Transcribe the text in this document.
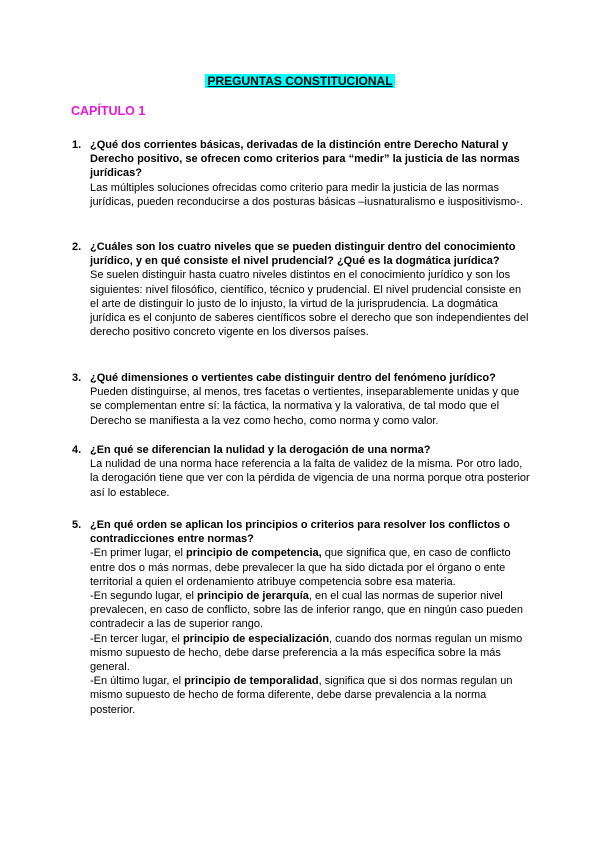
PREGUNTAS CONSTITUCIONAL
CAPÍTULO 1
1. ¿Qué dos corrientes básicas, derivadas de la distinción entre Derecho Natural y Derecho positivo, se ofrecen como criterios para “medir” la justicia de las normas jurídicas?

Las múltiples soluciones ofrecidas como criterio para medir la justicia de las normas jurídicas, pueden reconducirse a dos posturas básicas –iusnaturalismo e iuspositivismo-.

2. ¿Cuáles son los cuatro niveles que se pueden distinguir dentro del conocimiento jurídico, y en qué consiste el nivel prudencial? ¿Qué es la dogmática jurídica?

Se suelen distinguir hasta cuatro niveles distintos en el conocimiento jurídico y son los siguientes: nivel filosófico, científico, técnico y prudencial. El nivel prudencial consiste en el arte de distinguir lo justo de lo injusto, la virtud de la jurisprudencia. La dogmática jurídica es el conjunto de saberes científicos sobre el derecho que son independientes del derecho positivo concreto vigente en los diversos países.

3. ¿Qué dimensiones o vertientes cabe distinguir dentro del fenómeno jurídico?

Pueden distinguirse, al menos, tres facetas o vertientes, inseparablemente unidas y que se complementan entre sí: la fáctica, la normativa y la valorativa, de tal modo que el Derecho se manifiesta a la vez como hecho, como norma y como valor.

4. ¿En qué se diferencian la nulidad y la derogación de una norma?

La nulidad de una norma hace referencia a la falta de validez de la misma. Por otro lado, la derogación tiene que ver con la pérdida de vigencia de una norma porque otra posterior así lo establece.

5. ¿En qué orden se aplican los principios o criterios para resolver los conflictos o contradicciones entre normas?

-En primer lugar, el principio de competencia, que significa que, en caso de conflicto entre dos o más normas, debe prevalecer la que ha sido dictada por el órgano o ente territorial a quien el ordenamiento atribuye competencia sobre esa materia.

-En segundo lugar, el principio de jerarquía, en el cual las normas de superior nivel prevalecen, en caso de conflicto, sobre las de inferior rango, que en ningún caso pueden contradecir a las de superior rango.

-En tercer lugar, el principio de especialización, cuando dos normas regulan un mismo mismo supuesto de hecho, debe darse preferencia a la más específica sobre la más general.

-En último lugar, el principio de temporalidad, significa que si dos normas regulan un mismo supuesto de hecho de forma diferente, debe darse prevalencia a la norma posterior.
